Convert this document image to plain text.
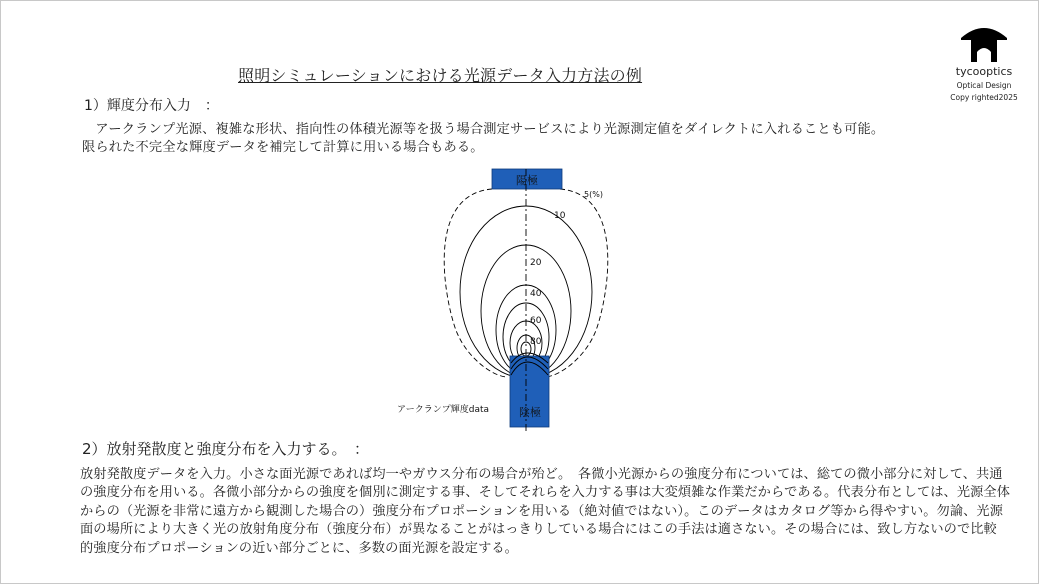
照明シミュレーションにおける光源データ入力方法の例	tycooptics
Optical Design
Copy righted2025
1）輝度分布入力　：
　アークランプ光源、複雑な形状、指向性の体積光源等を扱う場合測定サービスにより光源測定値をダイレクトに入れることも可能。限られた不完全な輝度データを補完して計算に用いる場合もある。
陽極
陰極
5(%)
10
20
40
60
80
アークランプ輝度data
2）放射発散度と強度分布を入力する。　：
放射発散度データを入力。小さな面光源であれば均一やガウス分布の場合が殆ど。　各微小光源からの強度分布については、総ての微小部分に対して、共通の強度分布を用いる。各微小部分からの強度を個別に測定する事、そしてそれらを入力する事は大変煩雑な作業だからである。代表分布としては、光源全体からの（光源を非常に遠方から観測した場合の）強度分布プロポーションを用いる（絶対値ではない）。このデータはカタログ等から得やすい。勿論、光源面の場所により大きく光の放射角度分布（強度分布）が異なることがはっきりしている場合にはこの手法は適さない。その場合には、致し方ないので比較的強度分布プロポーションの近い部分ごとに、多数の面光源を設定する。
